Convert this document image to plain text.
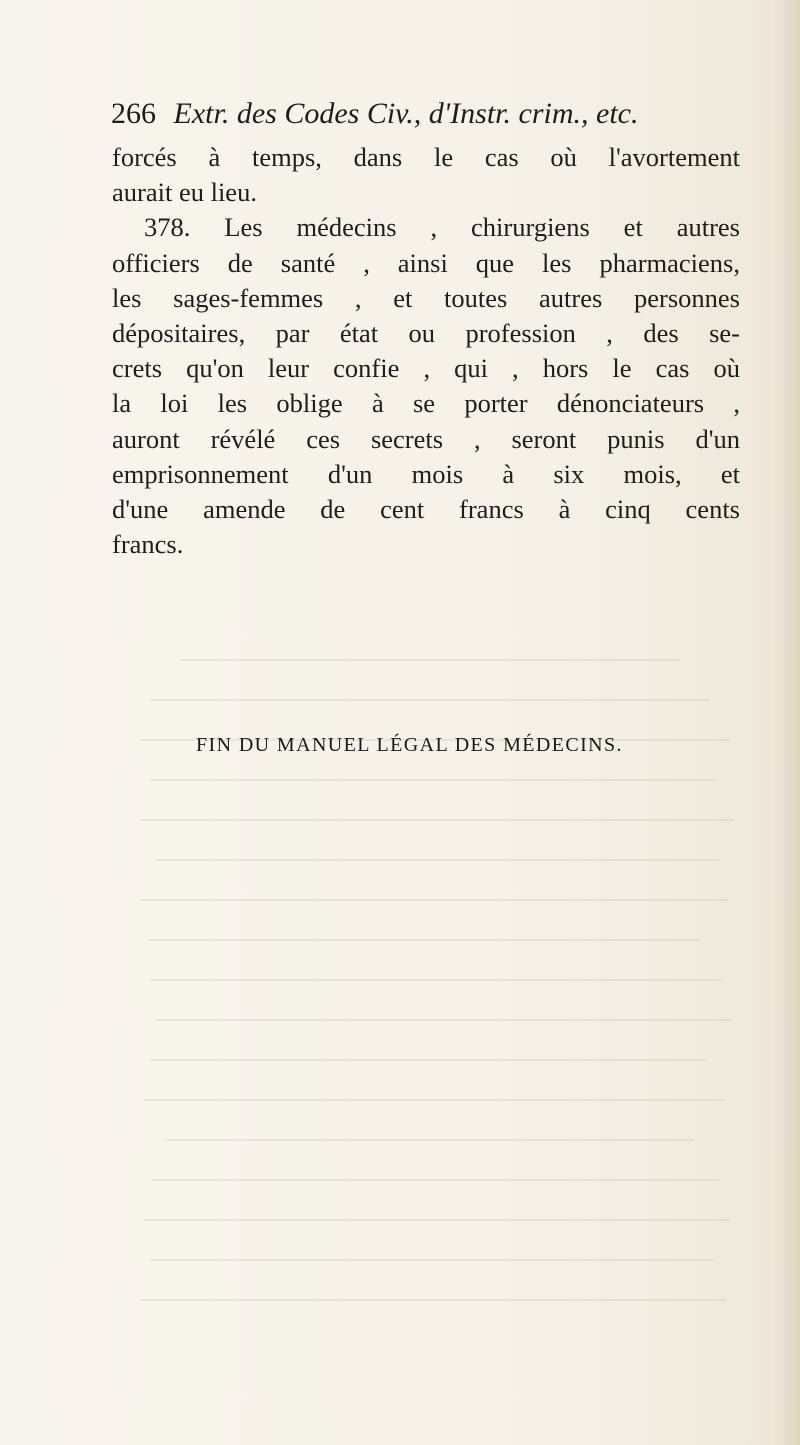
266 Extr. des Codes Civ., d'Instr. crim., etc.
forcés à temps, dans le cas où l'avortement
aurait eu lieu.
378. Les médecins , chirurgiens et autres
officiers de santé , ainsi que les pharmaciens,
les sages-femmes , et toutes autres personnes
dépositaires, par état ou profession , des se-
crets qu'on leur confie , qui , hors le cas où
la loi les oblige à se porter dénonciateurs ,
auront révélé ces secrets , seront punis d'un
emprisonnement d'un mois à six mois, et
d'une amende de cent francs à cinq cents
francs.
FIN DU MANUEL LÉGAL DES MÉDECINS.
